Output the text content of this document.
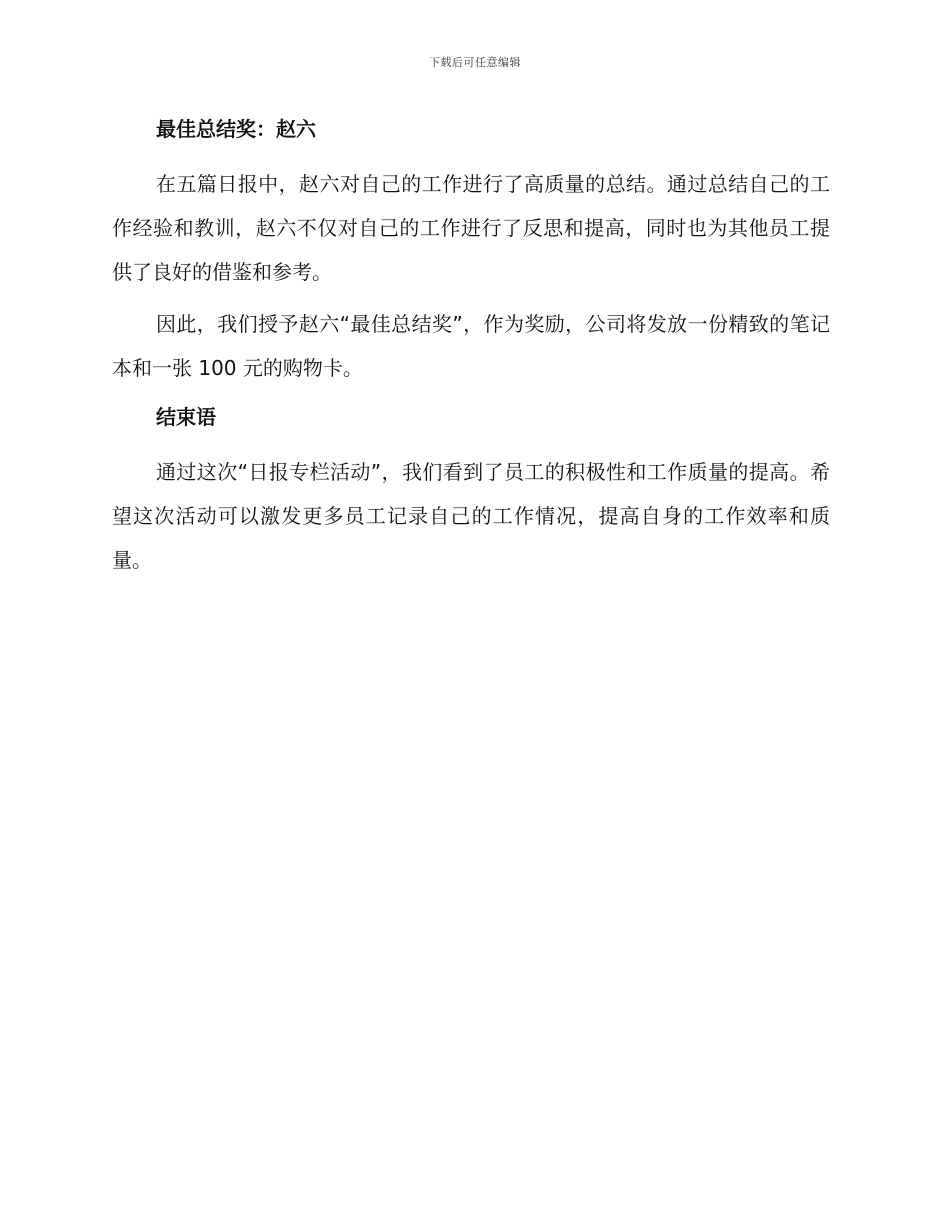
下载后可任意编辑
最佳总结奖：赵六

在五篇日报中，赵六对自己的工作进行了高质量的总结。通过总结自己的工作经验和教训，赵六不仅对自己的工作进行了反思和提高，同时也为其他员工提供了良好的借鉴和参考。

因此，我们授予赵六“最佳总结奖”，作为奖励，公司将发放一份精致的笔记本和一张 100 元的购物卡。

结束语

通过这次“日报专栏活动”，我们看到了员工的积极性和工作质量的提高。希望这次活动可以激发更多员工记录自己的工作情况，提高自身的工作效率和质量。
